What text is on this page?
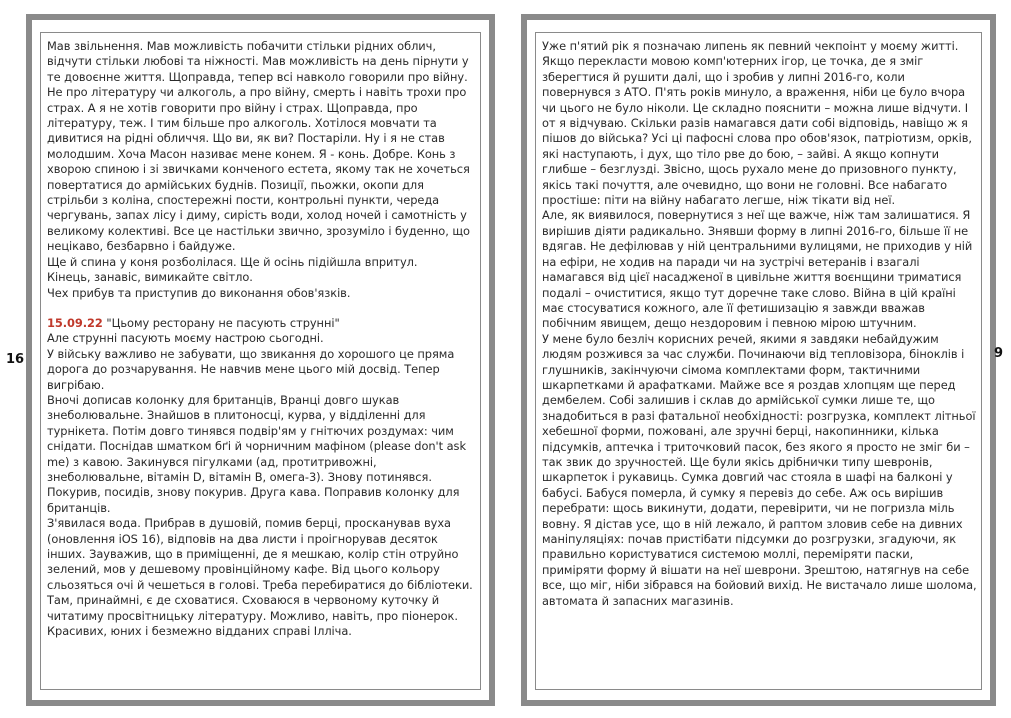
16

Мав звільнення. Мав можливість побачити стільки рідних облич, відчути стільки любові та ніжності. Мав можливість на день пірнути у те довоєнне життя. Щоправда, тепер всі навколо говорили про війну. Не про літературу чи алкоголь, а про війну, смерть і навіть трохи про страх. А я не хотів говорити про війну і страх. Щоправда, про літературу, теж. І тим більше про алкоголь. Хотілося мовчати та дивитися на рідні обличчя. Що ви, як ви? Постаріли. Ну і я не став молодшим. Хоча Масон називає мене конем. Я - конь. Добре. Конь з хворою спиною і зі звичками конченого естета, якому так не хочеться повертатися до армійських буднів. Позиції, пьожки, окопи для стрільби з коліна, спостережні пости, контрольні пункти, череда чергувань, запах лісу і диму, сирість води, холод ночей і самотність у великому колективі. Все це настільки звично, зрозуміло і буденно, що нецікаво, безбарвно і байдуже.

Ще й спина у коня розболілася. Ще й осінь підійшла впритул.

Кінець, занавіс, вимикайте світло.

Чех прибув та приступив до виконання обов'язків.

15.09.22 "Цьому ресторану не пасують струнні"

Але струнні пасують моєму настрою сьогодні.

У війську важливо не забувати, що звикання до хорошого це пряма дорога до розчарування. Не навчив мене цього мій досвід. Тепер вигрібаю.

Вночі дописав колонку для британців, Вранці довго шукав знеболювальне. Знайшов в плитоносці, курва, у відділенні для турнікета. Потім довго тинявся подвір'ям у гнітючих роздумах: чим снідати. Поснідав шматком бґі й чорничним мафіном (please don't ask me) з кавою. Закинувся пігулками (ад, протитривожні, знеболювальне, вітамін D, вітамін B, омега-3). Знову потинявся. Покурив, посидів, знову покурив. Друга кава. Поправив колонку для британців.

З'явилася вода. Прибрав в душовій, помив берці, просканував вуха (оновлення iOS 16), відповів на два листи і проігнорував десяток інших. Зауважив, що в приміщенні, де я мешкаю, колір стін отруйно зелений, мов у дешевому провінційному кафе. Від цього кольору сльозяться очі й чешеться в голові. Треба перебиратися до бібліотеки. Там, принаймні, є де сховатися. Сховаюся в червоному куточку й читатиму просвітницьку літературу. Можливо, навіть, про піонерок. Красивих, юних і безмежно відданих справі Ілліча.

Уже п'ятий рік я позначаю липень як певний чекпоінт у моєму житті. Якщо перекласти мовою комп'ютерних ігор, це точка, де я зміг зберегтися й рушити далі, що і зробив у липні 2016-го, коли повернувся з АТО. П'ять років минуло, а враження, ніби це було вчора чи цього не було ніколи. Це складно пояснити – можна лише відчути. І от я відчуваю. Скільки разів намагався дати собі відповідь, навіщо ж я пішов до війська? Усі ці пафосні слова про обов'язок, патріотизм, орків, які наступають, і дух, що тіло рве до бою, – зайві. А якщо копнути глибше – безглузді. Звісно, щось рухало мене до призовного пункту, якісь такі почуття, але очевидно, що вони не головні. Все набагато простіше: піти на війну набагато легше, ніж тікати від неї.

Але, як виявилося, повернутися з неї ще важче, ніж там залишатися. Я вирішив діяти радикально. Знявши форму в липні 2016-го, більше її не вдягав. Не дефілював у ній центральними вулицями, не приходив у ній на ефіри, не ходив на паради чи на зустрічі ветеранів і взагалі намагався від цієї насадженої в цивільне життя воєнщини триматися подалі – очиститися, якщо тут доречне таке слово. Війна в цій країні має стосуватися кожного, але її фетишизацію я завжди вважав побічним явищем, дещо нездоровим і певною мірою штучним.

У мене було безліч корисних речей, якими я завдяки небайдужим людям розжився за час служби. Починаючи від тепловізора, біноклів і глушників, закінчуючи сімома комплектами форм, тактичними шкарпетками й арафатками. Майже все я роздав хлопцям ще перед дембелем. Собі залишив і склав до армійської сумки лише те, що знадобиться в разі фатальної необхідності: розгрузка, комплект літньої хебешної форми, пожовані, але зручні берці, накопинники, кілька підсумків, аптечка і триточковий пасок, без якого я просто не зміг би – так звик до зручностей. Ще були якісь дрібнички типу шевронів, шкарпеток і рукавиць. Сумка довгий час стояла в шафі на балконі у бабусі. Бабуся померла, й сумку я перевіз до себе. Аж ось вирішив перебрати: щось викинути, додати, перевірити, чи не погризла міль вовну. Я дістав усе, що в ній лежало, й раптом зловив себе на дивних маніпуляціях: почав пристібати підсумки до розгрузки, згадуючи, як правильно користуватися системою моллі, переміряти паски, приміряти форму й вішати на неї шеврони. Зрештою, натягнув на себе все, що міг, ніби зібрався на бойовий вихід. Не вистачало лише шолома, автомата й запасних магазинів.

9
